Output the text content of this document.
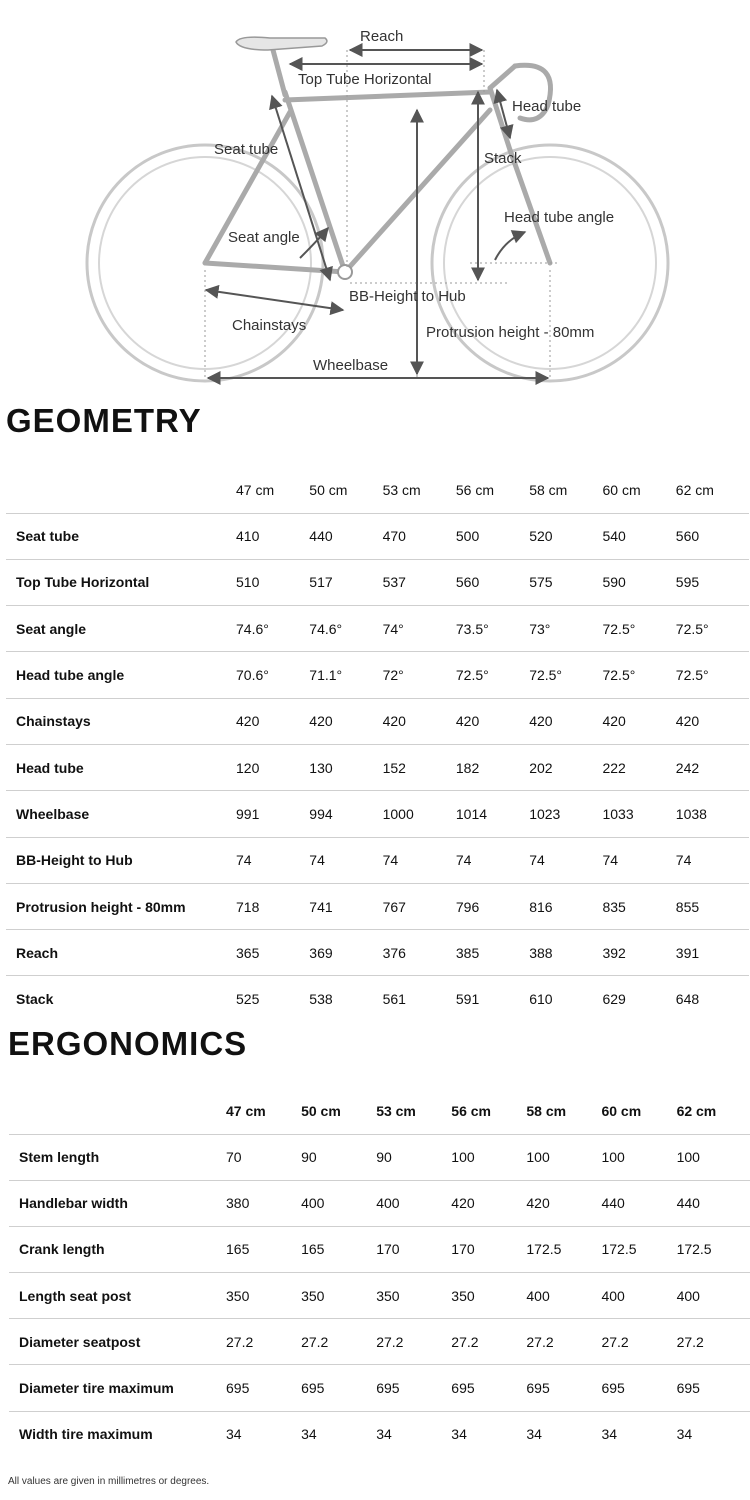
Reach
Top Tube Horizontal
Head tube
Seat tube
Stack
Seat angle
Head tube angle
BB-Height to Hub
Chainstays	Protrusion height - 80mm
Wheelbase
GEOMETRY
	47 cm	50 cm	53 cm	56 cm	58 cm	60 cm	62 cm
Seat tube	410	440	470	500	520	540	560
Top Tube Horizontal	510	517	537	560	575	590	595
Seat angle	74.6°	74.6°	74°	73.5°	73°	72.5°	72.5°
Head tube angle	70.6°	71.1°	72°	72.5°	72.5°	72.5°	72.5°
Chainstays	420	420	420	420	420	420	420
Head tube	120	130	152	182	202	222	242
Wheelbase	991	994	1000	1014	1023	1033	1038
BB-Height to Hub	74	74	74	74	74	74	74
Protrusion height - 80mm	718	741	767	796	816	835	855
Reach	365	369	376	385	388	392	391
Stack	525	538	561	591	610	629	648
ERGONOMICS
	47 cm	50 cm	53 cm	56 cm	58 cm	60 cm	62 cm
Stem length	70	90	90	100	100	100	100
Handlebar width	380	400	400	420	420	440	440
Crank length	165	165	170	170	172.5	172.5	172.5
Length seat post	350	350	350	350	400	400	400
Diameter seatpost	27.2	27.2	27.2	27.2	27.2	27.2	27.2
Diameter tire maximum	695	695	695	695	695	695	695
Width tire maximum	34	34	34	34	34	34	34
All values are given in millimetres or degrees.
